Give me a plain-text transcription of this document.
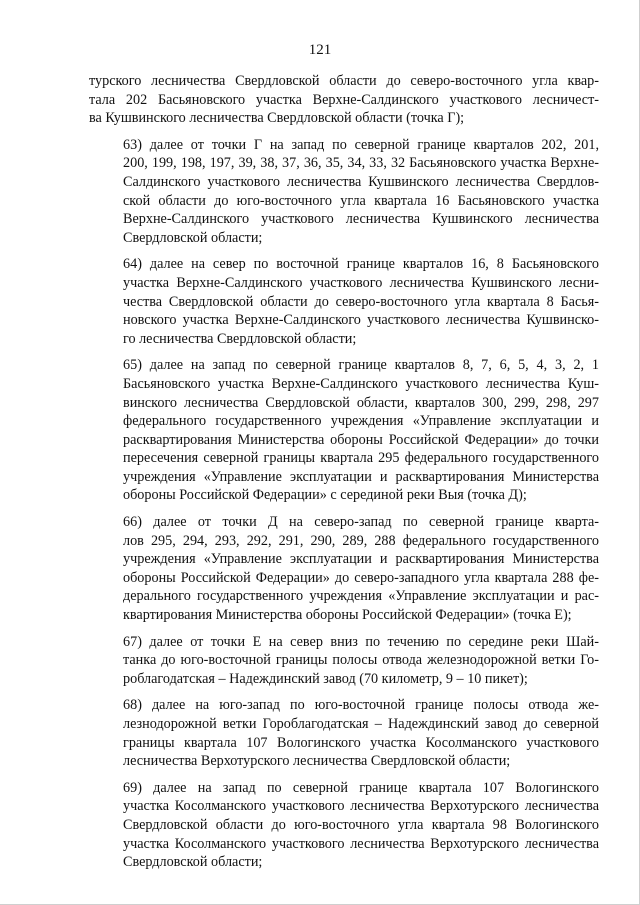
121

турского лесничества Свердловской области до северо-восточного угла квар-
тала 202 Басьяновского участка Верхне-Салдинского участкового лесничест-
ва Кушвинского лесничества Свердловской области (точка Г);

63) далее от точки Г на запад по северной границе кварталов 202, 201,
200, 199, 198, 197, 39, 38, 37, 36, 35, 34, 33, 32 Басьяновского участка Верхне-
Салдинского участкового лесничества Кушвинского лесничества Свердлов-
ской области до юго-восточного угла квартала 16 Басьяновского участка
Верхне-Салдинского участкового лесничества Кушвинского лесничества
Свердловской области;

64) далее на север по восточной границе кварталов 16, 8 Басьяновского
участка Верхне-Салдинского участкового лесничества Кушвинского лесни-
чества Свердловской области до северо-восточного угла квартала 8 Басья-
новского участка Верхне-Салдинского участкового лесничества Кушвинско-
го лесничества Свердловской области;

65) далее на запад по северной границе кварталов 8, 7, 6, 5, 4, 3, 2, 1
Басьяновского участка Верхне-Салдинского участкового лесничества Куш-
винского лесничества Свердловской области, кварталов 300, 299, 298, 297
федерального государственного учреждения «Управление эксплуатации и
расквартирования Министерства обороны Российской Федерации» до точки
пересечения северной границы квартала 295 федерального государственного
учреждения «Управление эксплуатации и расквартирования Министерства
обороны Российской Федерации» с серединой реки Выя (точка Д);

66) далее от точки Д на северо-запад по северной границе кварта-
лов 295, 294, 293, 292, 291, 290, 289, 288 федерального государственного
учреждения «Управление эксплуатации и расквартирования Министерства
обороны Российской Федерации» до северо-западного угла квартала 288 фе-
дерального государственного учреждения «Управление эксплуатации и рас-
квартирования Министерства обороны Российской Федерации» (точка Е);

67) далее от точки Е на север вниз по течению по середине реки Шай-
танка до юго-восточной границы полосы отвода железнодорожной ветки Го-
роблагодатская – Надеждинский завод (70 километр, 9 – 10 пикет);

68) далее на юго-запад по юго-восточной границе полосы отвода же-
лезнодорожной ветки Гороблагодатская – Надеждинский завод до северной
границы квартала 107 Вологинского участка Косолманского участкового
лесничества Верхотурского лесничества Свердловской области;

69) далее на запад по северной границе квартала 107 Вологинского
участка Косолманского участкового лесничества Верхотурского лесничества
Свердловской области до юго-восточного угла квартала 98 Вологинского
участка Косолманского участкового лесничества Верхотурского лесничества
Свердловской области;
